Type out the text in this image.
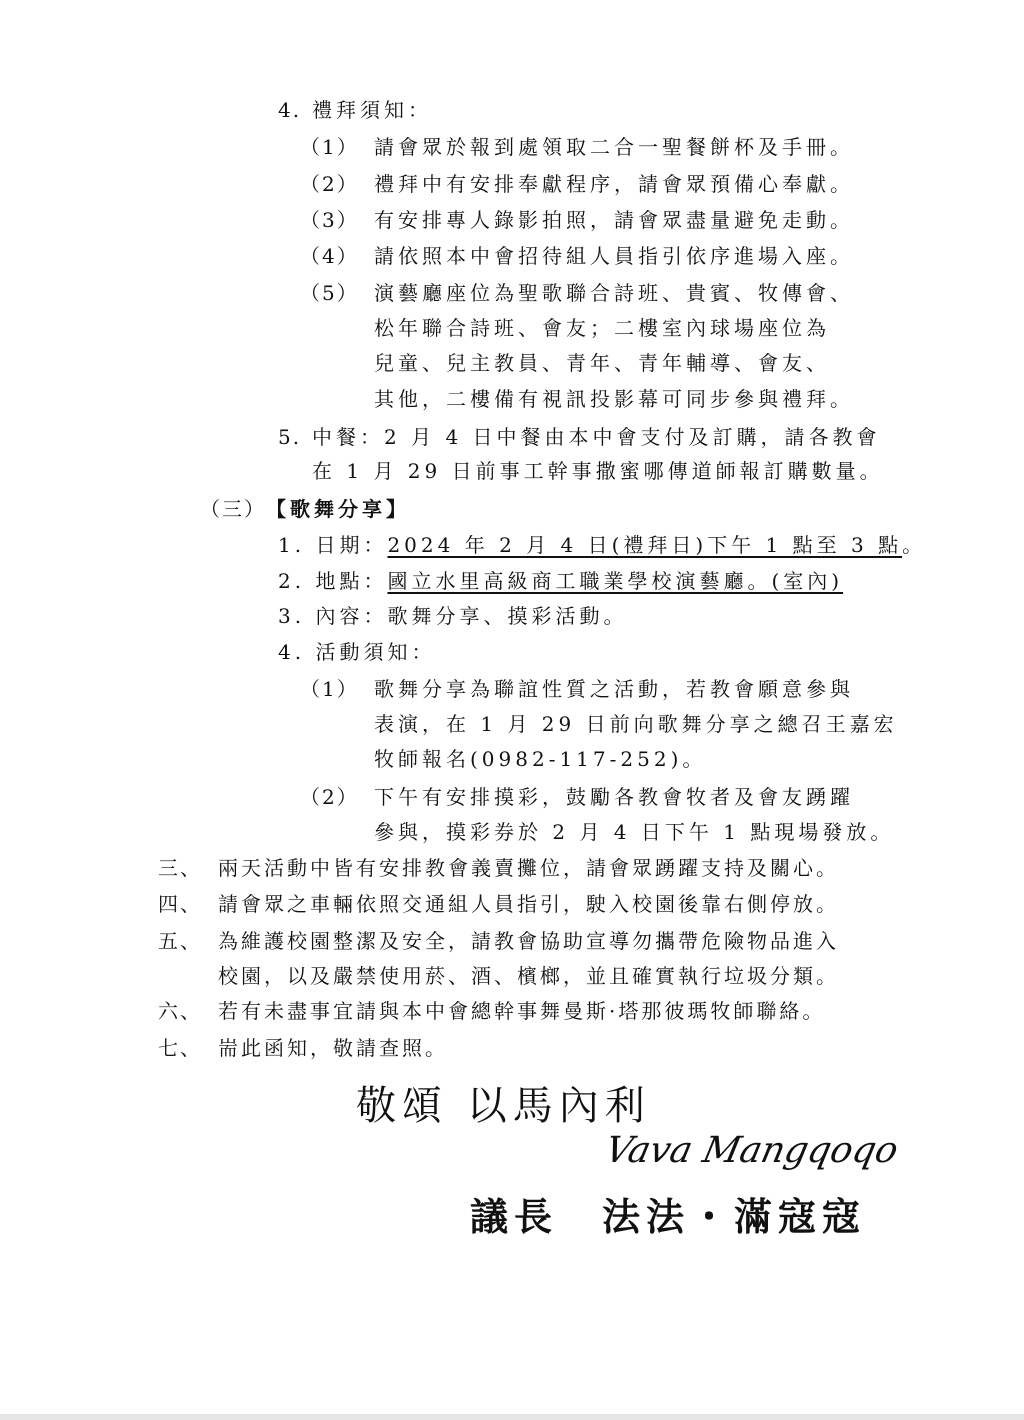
4. 禮拜須知：
（1） 請會眾於報到處領取二合一聖餐餅杯及手冊。
（2） 禮拜中有安排奉獻程序，請會眾預備心奉獻。
（3） 有安排專人錄影拍照，請會眾盡量避免走動。
（4） 請依照本中會招待組人員指引依序進場入座。
（5） 演藝廳座位為聖歌聯合詩班、貴賓、牧傳會、
松年聯合詩班、會友；二樓室內球場座位為
兒童、兒主教員、青年、青年輔導、會友、
其他，二樓備有視訊投影幕可同步參與禮拜。
5. 中餐：2 月 4 日中餐由本中會支付及訂購，請各教會
在 1 月 29 日前事工幹事撒蜜哪傳道師報訂購數量。
（三） 【歌舞分享】
1. 日期：2024 年 2 月 4 日(禮拜日)下午 1 點至 3 點。
2. 地點：國立水里高級商工職業學校演藝廳。(室內)
3. 內容：歌舞分享、摸彩活動。
4. 活動須知：
（1） 歌舞分享為聯誼性質之活動，若教會願意參與
表演，在 1 月 29 日前向歌舞分享之總召王嘉宏
牧師報名(0982-117-252)。
（2） 下午有安排摸彩，鼓勵各教會牧者及會友踴躍
參與，摸彩券於 2 月 4 日下午 1 點現場發放。
三、 兩天活動中皆有安排教會義賣攤位，請會眾踴躍支持及關心。
四、 請會眾之車輛依照交通組人員指引，駛入校園後靠右側停放。
五、 為維護校園整潔及安全，請教會協助宣導勿攜帶危險物品進入
校園，以及嚴禁使用菸、酒、檳榔，並且確實執行垃圾分類。
六、 若有未盡事宜請與本中會總幹事舞曼斯·塔那彼瑪牧師聯絡。
七、 耑此函知，敬請查照。
敬頌 以馬內利
Vava Mangqoqo
議長　法法・滿寇寇
